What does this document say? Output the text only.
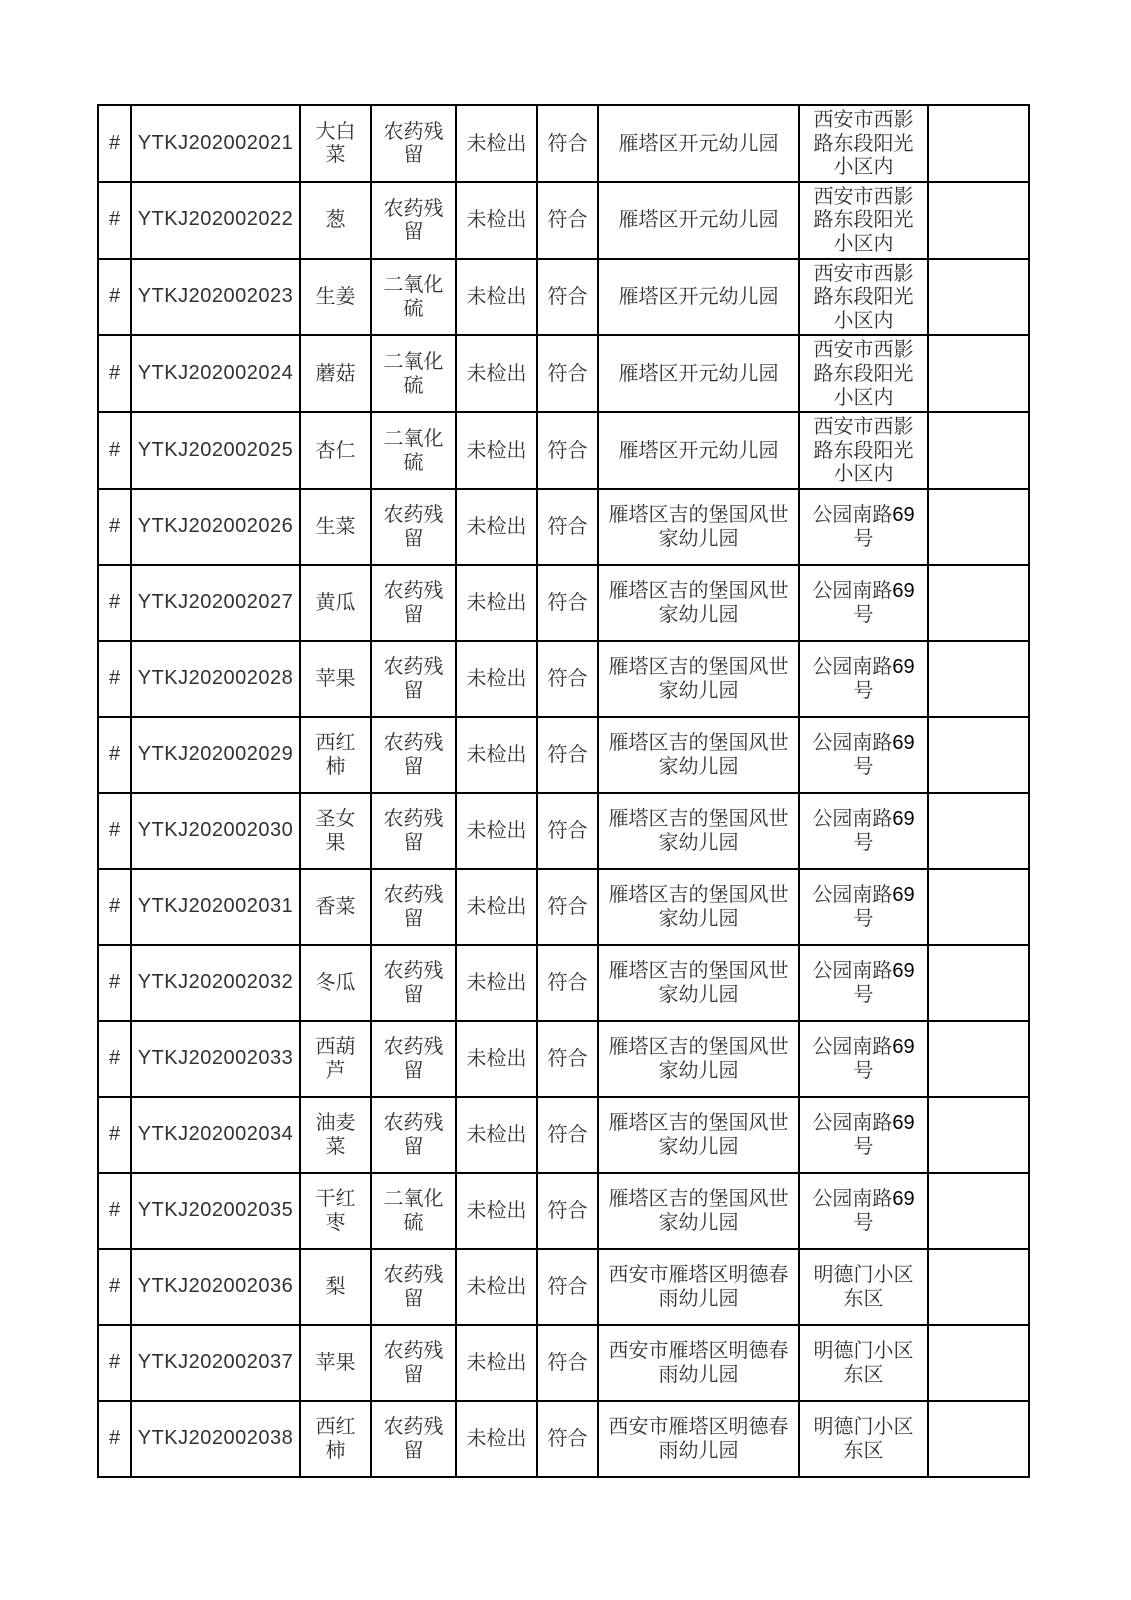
#	YTKJ202002021	大白菜	农药残留	未检出	符合	雁塔区开元幼儿园	西安市西影路东段阳光小区内	
#	YTKJ202002022	葱	农药残留	未检出	符合	雁塔区开元幼儿园	西安市西影路东段阳光小区内	
#	YTKJ202002023	生姜	二氧化硫	未检出	符合	雁塔区开元幼儿园	西安市西影路东段阳光小区内	
#	YTKJ202002024	蘑菇	二氧化硫	未检出	符合	雁塔区开元幼儿园	西安市西影路东段阳光小区内	
#	YTKJ202002025	杏仁	二氧化硫	未检出	符合	雁塔区开元幼儿园	西安市西影路东段阳光小区内	
#	YTKJ202002026	生菜	农药残留	未检出	符合	雁塔区吉的堡国风世家幼儿园	公园南路69号	
#	YTKJ202002027	黄瓜	农药残留	未检出	符合	雁塔区吉的堡国风世家幼儿园	公园南路69号	
#	YTKJ202002028	苹果	农药残留	未检出	符合	雁塔区吉的堡国风世家幼儿园	公园南路69号	
#	YTKJ202002029	西红柿	农药残留	未检出	符合	雁塔区吉的堡国风世家幼儿园	公园南路69号	
#	YTKJ202002030	圣女果	农药残留	未检出	符合	雁塔区吉的堡国风世家幼儿园	公园南路69号	
#	YTKJ202002031	香菜	农药残留	未检出	符合	雁塔区吉的堡国风世家幼儿园	公园南路69号	
#	YTKJ202002032	冬瓜	农药残留	未检出	符合	雁塔区吉的堡国风世家幼儿园	公园南路69号	
#	YTKJ202002033	西葫芦	农药残留	未检出	符合	雁塔区吉的堡国风世家幼儿园	公园南路69号	
#	YTKJ202002034	油麦菜	农药残留	未检出	符合	雁塔区吉的堡国风世家幼儿园	公园南路69号	
#	YTKJ202002035	干红枣	二氧化硫	未检出	符合	雁塔区吉的堡国风世家幼儿园	公园南路69号	
#	YTKJ202002036	梨	农药残留	未检出	符合	西安市雁塔区明德春雨幼儿园	明德门小区东区	
#	YTKJ202002037	苹果	农药残留	未检出	符合	西安市雁塔区明德春雨幼儿园	明德门小区东区	
#	YTKJ202002038	西红柿	农药残留	未检出	符合	西安市雁塔区明德春雨幼儿园	明德门小区东区	
